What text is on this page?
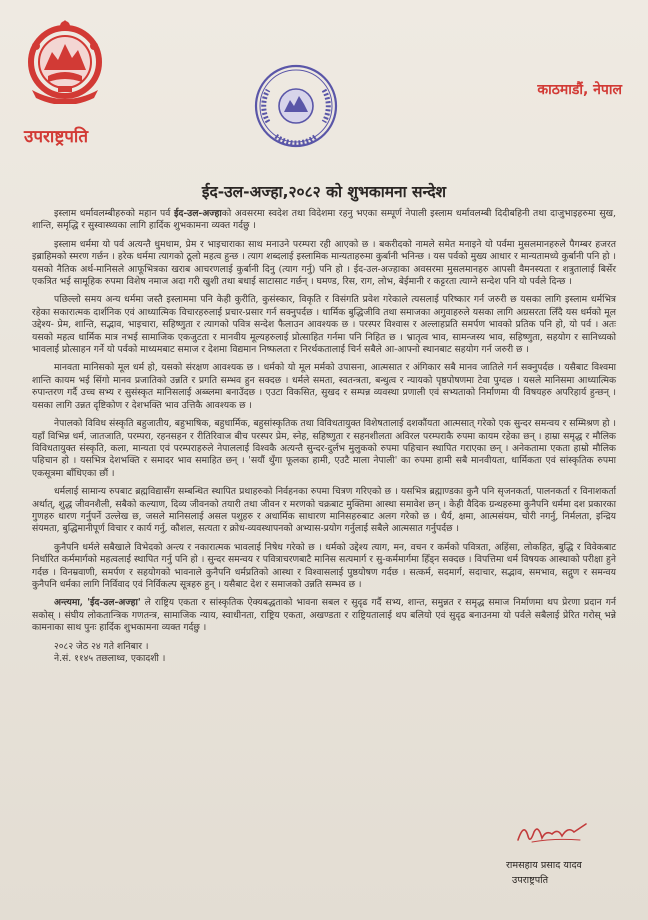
उपराष्ट्रपति
काठमाडौं, नेपाल
ईद-उल-अज्हा,२०८२ को शुभकामना सन्देश

इस्लाम धर्मावलम्बीहरुको महान पर्व ईद-उल-अज्हाको अवसरमा स्वदेश तथा विदेशमा रहनु भएका सम्पूर्ण नेपाली इस्लाम धर्मावलम्बी दिदीबहिनी तथा दाजुभाइहरुमा सुख, शान्ति, समृद्धि र सुस्वास्थ्यका लागि हार्दिक शुभकामना व्यक्त गर्दछु ।

इस्लाम धर्ममा यो पर्व अत्यन्तै धुमधाम, प्रेम र भाइचाराका साथ मनाउने परम्परा रही आएको छ । बकरीदको नामले समेत मनाइने यो पर्वमा मुसलमानहरुले पैगम्बर हजरत इब्राहिमको स्मरण गर्छन । हरेक धर्ममा त्यागको ठूलो महत्व हुन्छ । त्याग शब्दलाई इस्लामिक मान्यताहरुमा कुर्बानी भनिन्छ । यस पर्वको मुख्य आधार र मान्यतामध्ये कुर्बानी पनि हो । यसको नैतिक अर्थ-मानिसले आफूभित्रका खराब आचरणलाई कुर्बानी दिनु (त्याग गर्नु) पनि हो । ईद-उल-अज्हाका अवसरमा मुसलमानहरु आपसी वैमनस्यता र शत्रुतालाई बिर्सेर एकत्रित भई सामूहिक रुपमा विशेष नमाज अदा गरी खुशी तथा बधाई साटासाट गर्छन् । घमण्ड, रिस, राग, लोभ, बेईमानी र कट्टरता त्याग्ने सन्देश पनि यो पर्वले दिन्छ ।

पछिल्लो समय अन्य धर्ममा जस्तै इस्लाममा पनि केही कुरीति, कुसंस्कार, विकृति र विसंगति प्रवेश गरेकाले त्यसलाई परिष्कार गर्न जरुरी छ यसका लागि इस्लाम धर्मभित्र रहेका सकारात्मक दार्शनिक एवं आध्यात्मिक विचारहरुलाई प्रचार-प्रसार गर्न सक्नुपर्दछ । धार्मिक बुद्धिजीवि तथा समाजका अगुवाहरुले यसका लागि अग्रसरता लिँदै यस धर्मको मूल उद्देश्य- प्रेम, शान्ति, सद्भाव, भाइचारा, सहिष्णुता र त्यागको पवित्र सन्देश फैलाउन आवश्यक छ । परस्पर विश्वास र अल्लाहप्रति समर्पण भावको प्रतिक पनि हो, यो पर्व । अतः यसको महत्व धार्मिक मात्र नभई सामाजिक एकजुटता र मानवीय मूल्यहरुलाई प्रोत्साहित गर्नमा पनि निहित छ । भ्रातृत्व भाव, सामन्जस्य भाव, सहिष्णुता, सहयोग र सानिध्यको भावलाई प्रोत्साहन गर्ने यो पर्वको माध्यमबाट समाज र देशमा विद्यमान निष्फलता र निरर्थकतालाई चिर्न सबैले आ-आफ्नो स्थानबाट सहयोग गर्न जरुरी छ ।

मानवता मानिसको मूल धर्म हो, यसको संरक्षण आवश्यक छ । धर्मको यो मूल मर्मको उपासना, आत्मसात र अंगिकार सबै मानव जातिले गर्न सक्नुपर्दछ । यसैबाट विश्वमा शान्ति कायम भई सिंगो मानव प्रजातिको उन्नति र प्रगति सम्भव हुन सक्दछ । धर्मले समता, स्वतन्त्रता, बन्धुत्व र न्यायको पृष्ठपोषणमा टेवा पुग्दछ । यसले मानिसमा आध्यात्मिक रुपान्तरण गर्दै उच्च सभ्य र सुसंस्कृत मानिसलाई अब्ब्लमा बनाउँदछ । एउटा विकसित, सुखद र सम्पन्न व्यवस्था प्रणाली एवं सभ्यताको निर्माणमा यी विषयहरु अपरिहार्य हुन्छन् । यसका लागि उन्नत दृष्टिकोण र देशभक्ति भाव उत्तिकै आवश्यक छ ।

नेपालको विविध संस्कृति बहुजातीय, बहुभाषिक, बहुधार्मिक, बहुसांस्कृतिक तथा विविधतायुक्त विशेषतालाई दशकौंयता आत्मसात् गरेको एक सुन्दर समन्वय र सम्मिश्रण हो । यहाँ विभिन्न धर्म, जातजाति, परम्परा, रहनसहन र रीतिरिवाज बीच परस्पर प्रेम, स्नेह, सहिष्णुता र सहनशीलता अविरल परम्पराकै रुपमा कायम रहेका छन् । हाम्रा समृद्ध र मौलिक विविधतायुक्त संस्कृति, कला, मान्यता एवं परम्पराहरुले नेपाललाई विश्वकै अत्यन्तै सुन्दर-दुर्लभ मुलुकको रुपमा पहिचान स्थापित गराएका छन् । अनेकतामा एकता हाम्रो मौलिक पहिचान हो । यसभित्र देशभक्ति र समादर भाव समाहित छन् । 'सयौं थुँगा फूलका हामी, एउटै माला नेपाली' का रुपमा हामी सबै मानवीयता, धार्मिकता एवं सांस्कृतिक रुपमा एकसूत्रमा बाँधिएका छौं ।

धर्मलाई सामान्य रुपबाट ब्रह्मविद्यासँग सम्बन्धित स्थापित प्रथाहरुको निर्वहनका रुपमा चित्रण गरिएको छ । यसभित्र ब्रह्माण्डका कुनै पनि सृजनकर्ता, पालनकर्ता र विनाशकर्ता अर्थात्, शुद्ध जीवनशैली, सबैको कल्याण, दिव्य जीवनको तयारी तथा जीवन र मरणको चक्रबाट मुक्तिमा आस्था समावेश छन् । केही वैदिक ग्रन्थहरुमा कुनैपनि धर्ममा दश प्रकारका गुणहरु धारण गर्नुपर्ने उल्लेख छ, जसले मानिसलाई असल पशुहरु र अधार्मिक साधारण मानिसहरुबाट अलग गरेको छ । धैर्य, क्षमा, आत्मसंयम, चोरी नगर्नु, निर्मलता, इन्द्रिय संयमता, बुद्धिमानीपूर्ण विचार र कार्य गर्नु, कौशल, सत्यता र क्रोध-व्यवस्थापनको अभ्यास-प्रयोग गर्नुलाई सबैले आत्मसात गर्नुपर्दछ ।

कुनैपनि धर्मले सबैखाले विभेदको अन्त्य र नकारात्मक भावलाई निषेध गरेको छ । धर्मको उद्देश्य त्याग, मन, वचन र कर्मको पवित्रता, अहिंसा, लोकहित, बुद्धि र विवेकबाट निर्धारित कर्ममार्गको महत्वलाई स्थापित गर्नु पनि हो । सुन्दर समन्वय र पवित्राचरणबाटै मानिस सत्यमार्ग र सु-कर्ममार्गमा हिँड्न सक्दछ । विपत्तिमा धर्म विषयक आस्थाको परीक्षा हुने गर्दछ । विनम्रवाणी, समर्पण र सहयोगको भावनाले कुनैपनि धर्मप्रतिको आस्था र विश्वासलाई पुष्ठयोषण गर्दछ । सत्कर्म, सदमार्ग, सदाचार, सद्भाव, समभाव, सद्गुण र समन्वय कुनैपनि धर्मका लागि निर्विवाद एवं निर्विकल्प सूत्रहरु हुन् । यसैबाट देश र समाजको उन्नति सम्भव छ ।

अन्त्यमा, 'ईद-उल-अज्हा' ले राष्ट्रिय एकता र सांस्कृतिक ऐक्यबद्धताको भावना सबल र सुदृढ गर्दै सभ्य, शान्त, समुन्नत र समृद्ध समाज निर्माणमा थप प्रेरणा प्रदान गर्न सकोस् । संघीय लोकतान्त्रिक गणतन्त्र, सामाजिक न्याय, स्वाधीनता, राष्ट्रिय एकता, अखण्डता र राष्ट्रियतालाई थप बलियो एवं सुदृढ बनाउनमा यो पर्वले सबैलाई प्रेरित गरोस् भन्ने कामनाका साथ पुनः हार्दिक शुभकामना व्यक्त गर्दछु ।

२०८२ जेठ २४ गते शनिबार ।

ने.सं. ११४५ तछलाथ्व, एकादशी ।

रामसहाय प्रसाद यादव
उपराष्ट्रपति
